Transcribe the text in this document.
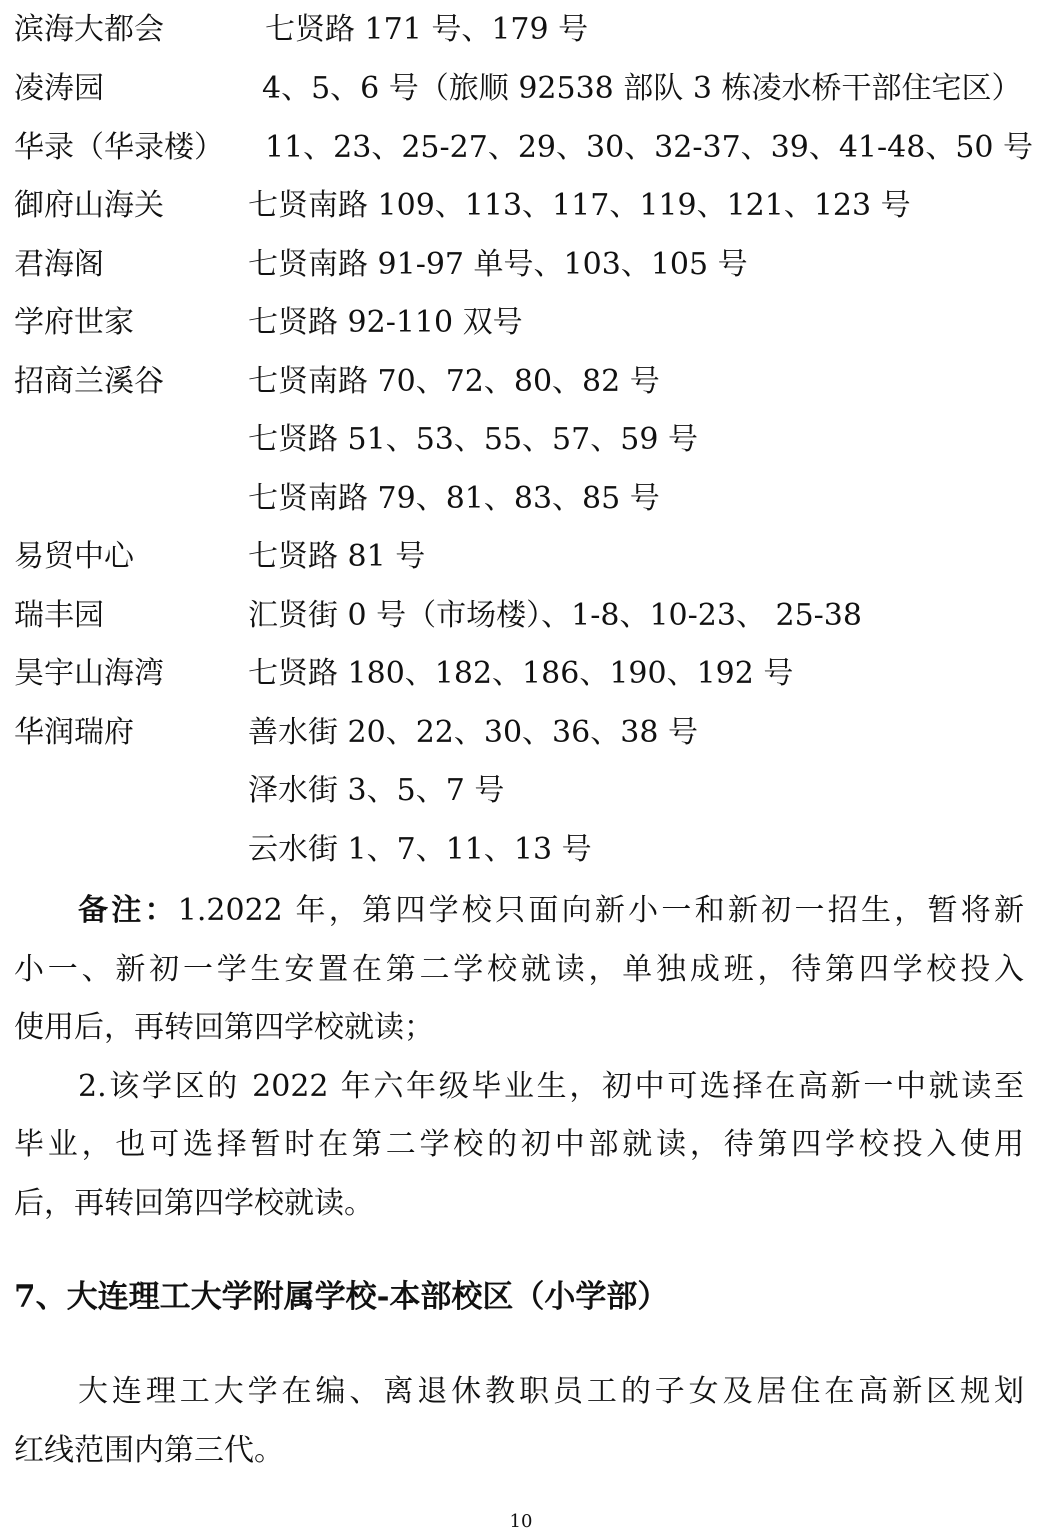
滨海大都会	七贤路 171 号、179 号
凌涛园	4、5、6 号（旅顺 92538 部队 3 栋凌水桥干部住宅区）
华录（华录楼） 11、23、25-27、29、30、32-37、39、41-48、50 号
御府山海关	七贤南路 109、113、117、119、121、123 号
君海阁	七贤南路 91-97 单号、103、105 号
学府世家	七贤路 92-110 双号
招商兰溪谷	七贤南路 70、72、80、82 号
七贤路 51、53、55、57、59 号
七贤南路 79、81、83、85 号
易贸中心	七贤路 81 号
瑞丰园	汇贤街 0 号（市场楼）、1-8、10-23、 25-38
昊宇山海湾	七贤路 180、182、186、190、192 号
华润瑞府	善水街 20、22、30、36、38 号
泽水街 3、5、7 号
云水街 1、7、11、13 号
备注：1.2022 年，第四学校只面向新小一和新初一招生，暂将新
小一、新初一学生安置在第二学校就读，单独成班，待第四学校投入
使用后，再转回第四学校就读；
2.该学区的 2022 年六年级毕业生，初中可选择在高新一中就读至
毕业，也可选择暂时在第二学校的初中部就读，待第四学校投入使用
后，再转回第四学校就读。
7、大连理工大学附属学校-本部校区（小学部）
大连理工大学在编、离退休教职员工的子女及居住在高新区规划
红线范围内第三代。
10
